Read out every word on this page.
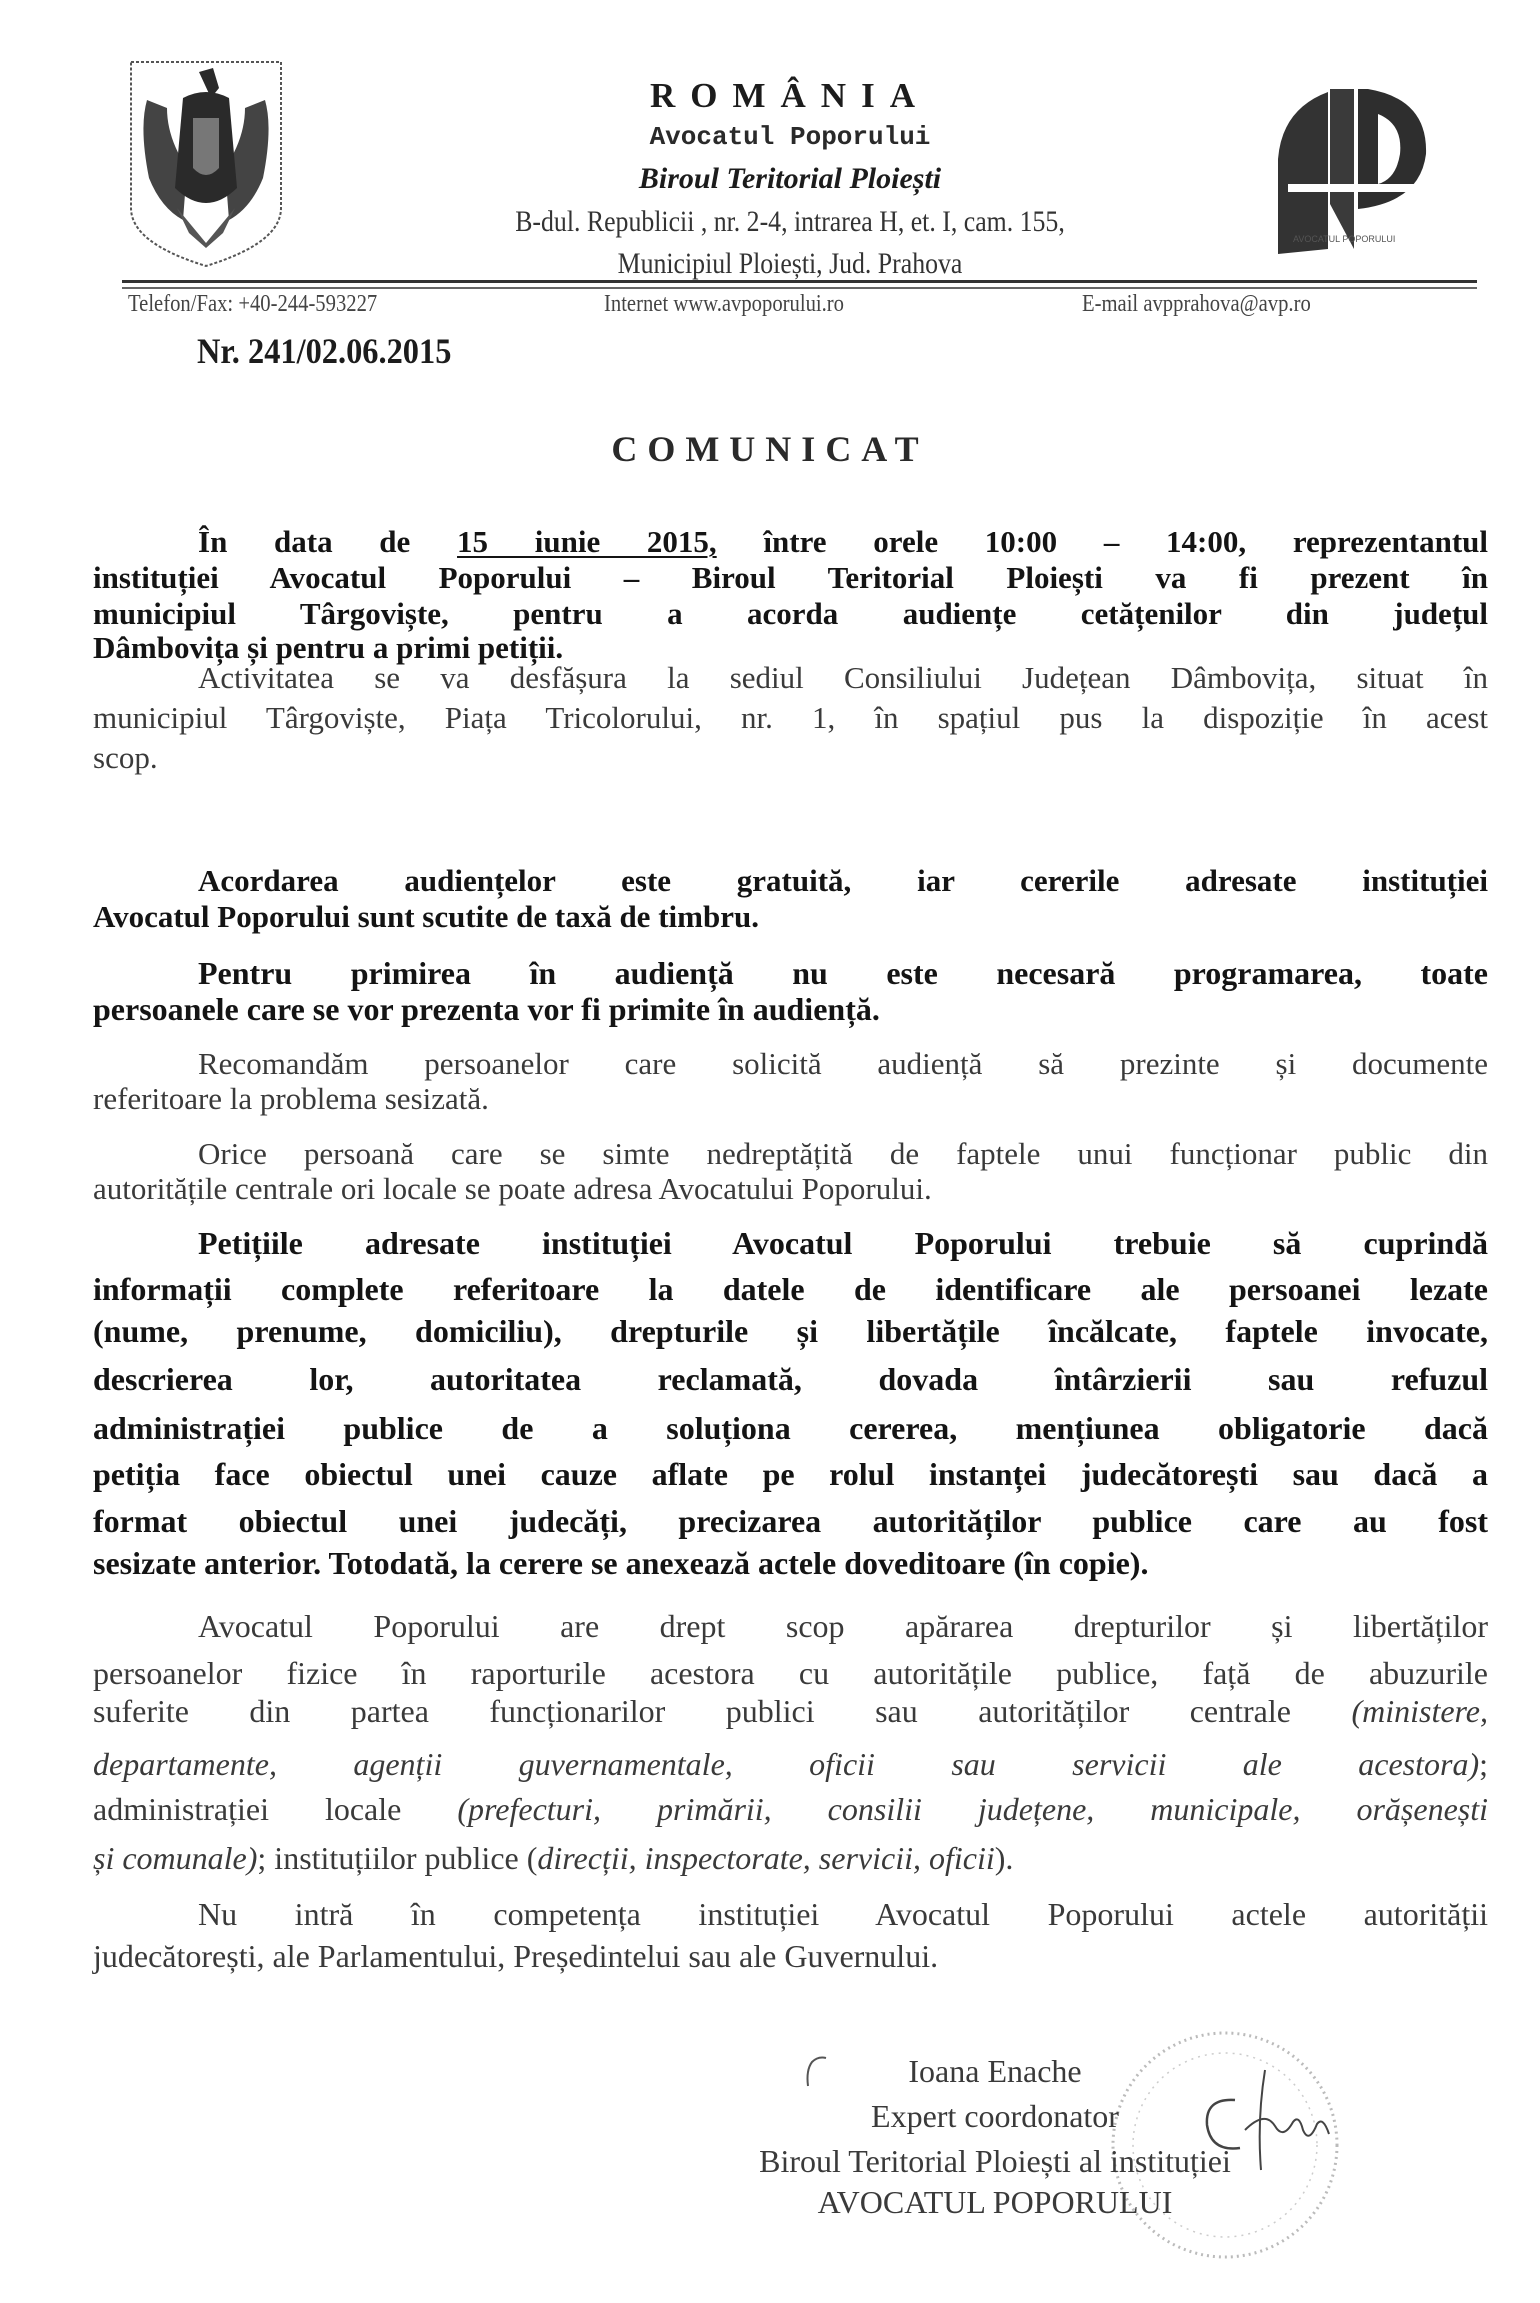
ROMÂNIA
Avocatul Poporului
Biroul Teritorial Ploiești
B-dul. Republicii , nr. 2-4, intrarea H, et. I, cam. 155,
Municipiul Ploiești, Jud. Prahova
AVOCATUL POPORULUI
Telefon/Fax: +40-244-593227	Internet www.avpoporului.ro	E-mail avpprahova@avp.ro
Nr. 241/02.06.2015
COMUNICAT
În data de 15 iunie 2015, între orele 10:00 – 14:00, reprezentantul
instituției Avocatul Poporului – Biroul Teritorial Ploiești va fi prezent în
municipiul Târgoviște, pentru a acorda audiențe cetățenilor din județul
Dâmbovița și pentru a primi petiții.
Activitatea se va desfășura la sediul Consiliului Județean Dâmbovița, situat în
municipiul Târgoviște, Piața Tricolorului, nr. 1, în spațiul pus la dispoziție în acest
scop.
Acordarea audiențelor este gratuită, iar cererile adresate instituției
Avocatul Poporului sunt scutite de taxă de timbru.
Pentru primirea în audiență nu este necesară programarea, toate
persoanele care se vor prezenta vor fi primite în audiență.
Recomandăm persoanelor care solicită audiență să prezinte și documente
referitoare la problema sesizată.
Orice persoană care se simte nedreptățită de faptele unui funcționar public din
autoritățile centrale ori locale se poate adresa Avocatului Poporului.
Petițiile adresate instituției Avocatul Poporului trebuie să cuprindă
informații complete referitoare la datele de identificare ale persoanei lezate
(nume, prenume, domiciliu), drepturile și libertățile încălcate, faptele invocate,
descrierea lor, autoritatea reclamată, dovada întârzierii sau refuzul
administrației publice de a soluționa cererea, mențiunea obligatorie dacă
petiția face obiectul unei cauze aflate pe rolul instanței judecătorești sau dacă a
format obiectul unei judecăți, precizarea autorităților publice care au fost
sesizate anterior. Totodată, la cerere se anexează actele doveditoare (în copie).
Avocatul Poporului are drept scop apărarea drepturilor și libertăților
persoanelor fizice în raporturile acestora cu autoritățile publice, față de abuzurile
suferite din partea funcționarilor publici sau autorităților centrale (ministere,
departamente, agenții guvernamentale, oficii sau servicii ale acestora);
administrației locale (prefecturi, primării, consilii județene, municipale, orășenești
și comunale); instituțiilor publice (direcții, inspectorate, servicii, oficii).
Nu intră în competența instituției Avocatul Poporului actele autorității
judecătorești, ale Parlamentului, Președintelui sau ale Guvernului.
Ioana Enache
Expert coordonator
Biroul Teritorial Ploiești al instituției
AVOCATUL POPORULUI
